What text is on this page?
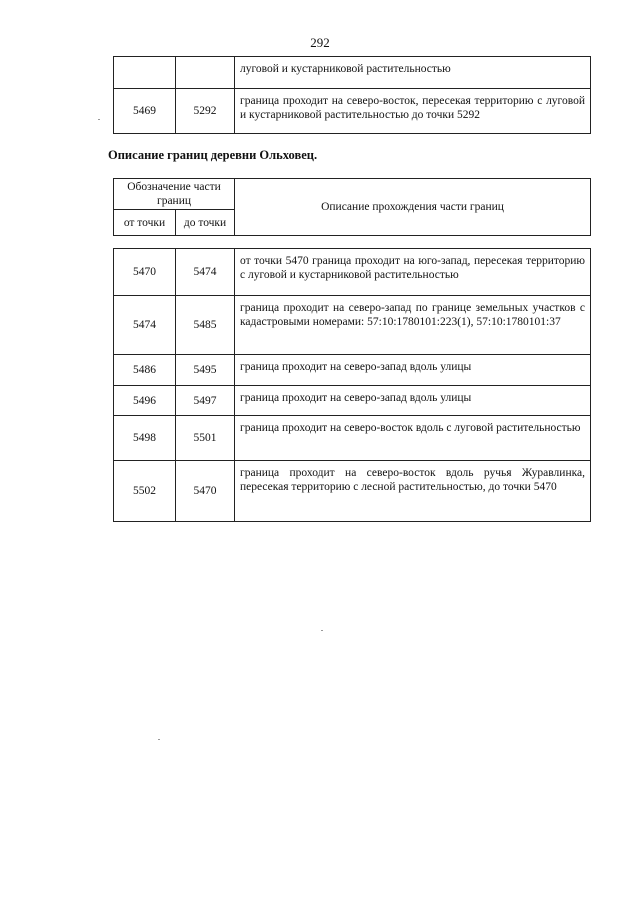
292
		луговой и кустарниковой растительностью
5469	5292	граница проходит на северо-восток, пересекая территорию с луговой и кустарниковой растительностью до точки 5292
Описание границ деревни Ольховец.
Обозначение части границ		Описание прохождения части границ
от точки	до точки	
5470	5474	от точки 5470 граница проходит на юго-запад, пересекая территорию с луговой и кустарниковой растительностью
5474	5485	граница проходит на северо-запад по границе земельных участков с кадастровыми номерами: 57:10:1780101:223(1), 57:10:1780101:37
5486	5495	граница проходит на северо-запад вдоль улицы
5496	5497	граница проходит на северо-запад вдоль улицы
5498	5501	граница проходит на северо-восток вдоль с луговой растительностью
5502	5470	граница проходит на северо-восток вдоль ручья Журавлинка, пересекая территорию с лесной растительностью, до точки 5470
